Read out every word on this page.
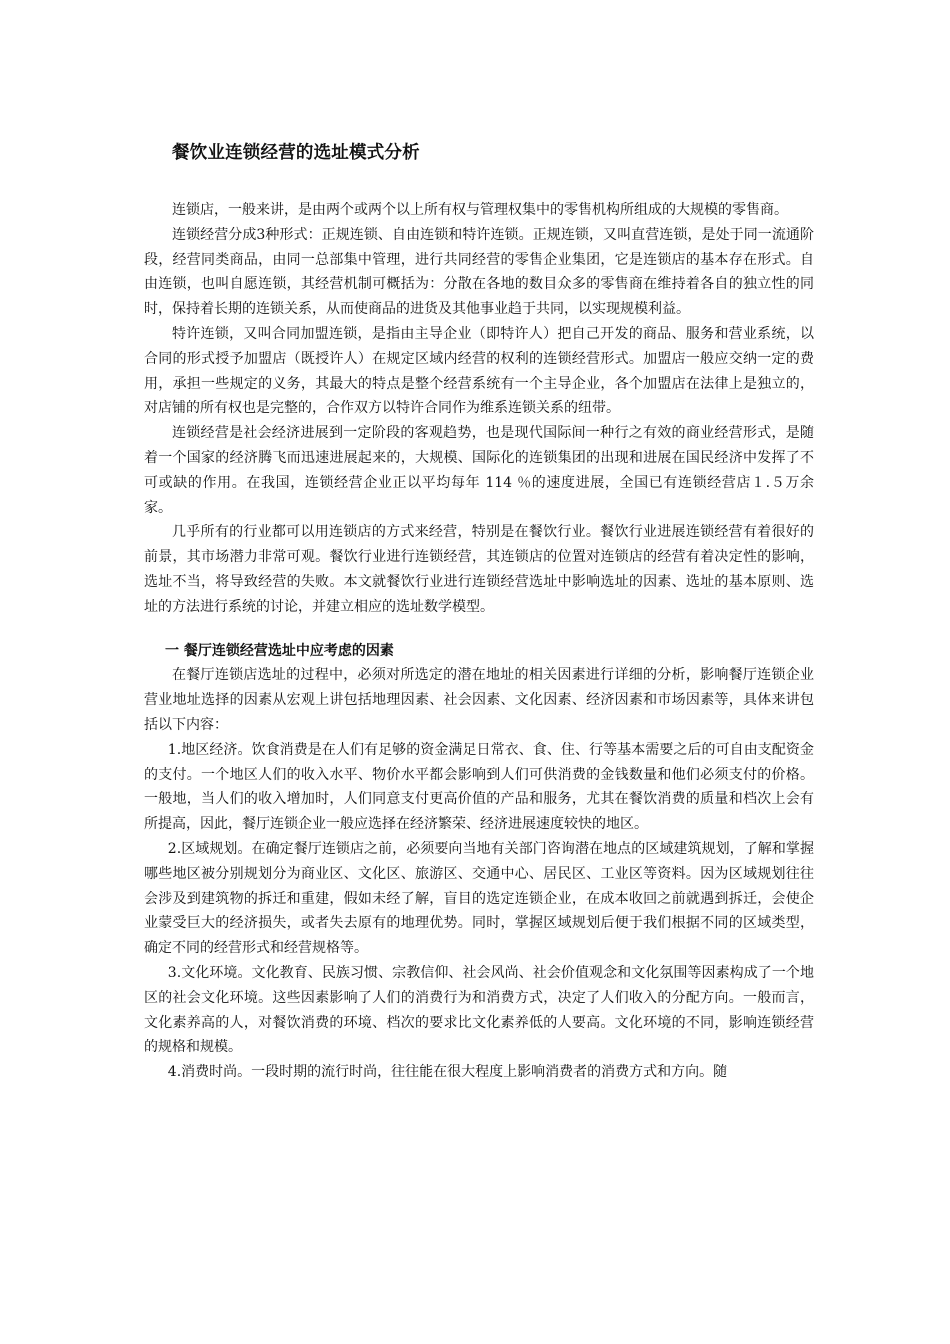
餐饮业连锁经营的选址模式分析

连锁店，一般来讲，是由两个或两个以上所有权与管理权集中的零售机构所组成的大规模的零售商。

连锁经营分成3种形式：正规连锁、自由连锁和特许连锁。正规连锁，又叫直营连锁，是处于同一流通阶段，经营同类商品，由同一总部集中管理，进行共同经营的零售企业集团，它是连锁店的基本存在形式。自由连锁，也叫自愿连锁，其经营机制可概括为：分散在各地的数目众多的零售商在维持着各自的独立性的同时，保持着长期的连锁关系，从而使商品的进货及其他事业趋于共同，以实现规模利益。

特许连锁，又叫合同加盟连锁，是指由主导企业（即特许人）把自己开发的商品、服务和营业系统，以合同的形式授予加盟店（既授许人）在规定区域内经营的权利的连锁经营形式。加盟店一般应交纳一定的费用，承担一些规定的义务，其最大的特点是整个经营系统有一个主导企业，各个加盟店在法律上是独立的，对店铺的所有权也是完整的，合作双方以特许合同作为维系连锁关系的纽带。

连锁经营是社会经济进展到一定阶段的客观趋势，也是现代国际间一种行之有效的商业经营形式，是随着一个国家的经济腾飞而迅速进展起来的，大规模、国际化的连锁集团的出现和进展在国民经济中发挥了不可或缺的作用。在我国，连锁经营企业正以平均每年 114 ％的速度进展，全国已有连锁经营店１.５万余家。

几乎所有的行业都可以用连锁店的方式来经营，特别是在餐饮行业。餐饮行业进展连锁经营有着很好的前景，其市场潜力非常可观。餐饮行业进行连锁经营，其连锁店的位置对连锁店的经营有着决定性的影响，选址不当，将导致经营的失败。本文就餐饮行业进行连锁经营选址中影响选址的因素、选址的基本原则、选址的方法进行系统的讨论，并建立相应的选址数学模型。

一 餐厅连锁经营选址中应考虑的因素

在餐厅连锁店选址的过程中，必须对所选定的潜在地址的相关因素进行详细的分析，影响餐厅连锁企业营业地址选择的因素从宏观上讲包括地理因素、社会因素、文化因素、经济因素和市场因素等，具体来讲包括以下内容：

1.地区经济。饮食消费是在人们有足够的资金满足日常衣、食、住、行等基本需要之后的可自由支配资金的支付。一个地区人们的收入水平、物价水平都会影响到人们可供消费的金钱数量和他们必须支付的价格。一般地，当人们的收入增加时，人们同意支付更高价值的产品和服务，尤其在餐饮消费的质量和档次上会有所提高，因此，餐厅连锁企业一般应选择在经济繁荣、经济进展速度较快的地区。

2.区域规划。在确定餐厅连锁店之前，必须要向当地有关部门咨询潜在地点的区域建筑规划，了解和掌握哪些地区被分别规划分为商业区、文化区、旅游区、交通中心、居民区、工业区等资料。因为区域规划往往会涉及到建筑物的拆迁和重建，假如未经了解，盲目的选定连锁企业，在成本收回之前就遇到拆迁，会使企业蒙受巨大的经济损失，或者失去原有的地理优势。同时，掌握区域规划后便于我们根据不同的区域类型，确定不同的经营形式和经营规格等。

3.文化环境。文化教育、民族习惯、宗教信仰、社会风尚、社会价值观念和文化氛围等因素构成了一个地区的社会文化环境。这些因素影响了人们的消费行为和消费方式，决定了人们收入的分配方向。一般而言，文化素养高的人，对餐饮消费的环境、档次的要求比文化素养低的人要高。文化环境的不同，影响连锁经营的规格和规模。

4.消费时尚。一段时期的流行时尚，往往能在很大程度上影响消费者的消费方式和方向。随
